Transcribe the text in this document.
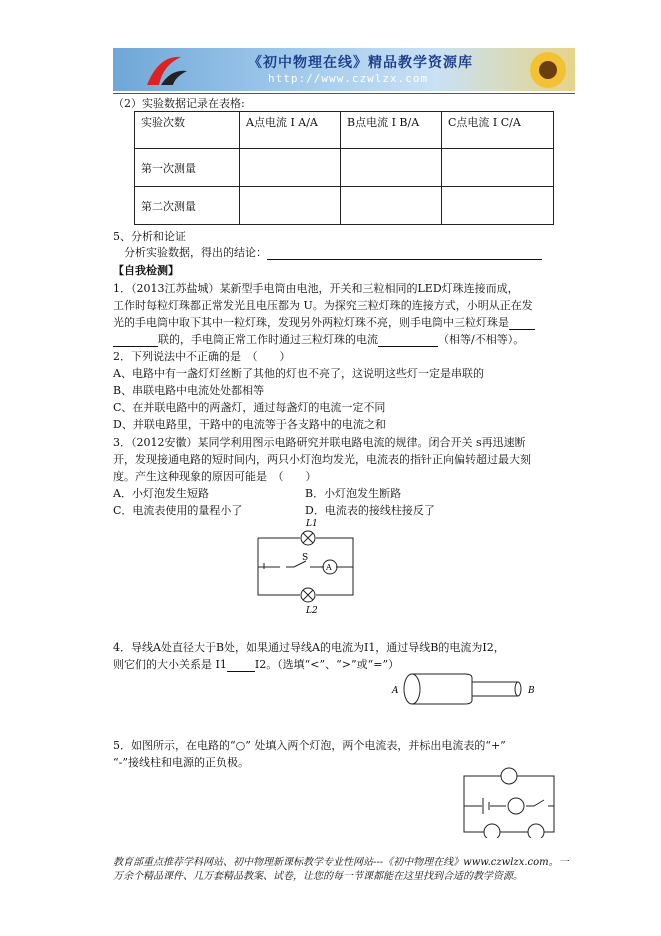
《初中物理在线》精品教学资源库
http://www.czwlzx.com
（2）实验数据记录在表格:
实验次数	A点电流 I A/A	B点电流 I B/A	C点电流 I C/A
第一次测量			
第二次测量			
5、分析和论证
分析实验数据，得出的结论：
【自我检测】
1．（2013江苏盐城）某新型手电筒由电池，开关和三粒相同的LED灯珠连接而成，
工作时每粒灯珠都正常发光且电压都为 U。为探究三粒灯珠的连接方式，小明从正在发
光的手电筒中取下其中一粒灯珠，发现另外两粒灯珠不亮，则手电筒中三粒灯珠是
联的，手电筒正常工作时通过三粒灯珠的电流	（相等/不相等）。
2．下列说法中不正确的是　（　　）
A、电路中有一盏灯灯丝断了其他的灯也不亮了，这说明这些灯一定是串联的
B、串联电路中电流处处都相等
C、在并联电路中的两盏灯，通过每盏灯的电流一定不同
D、并联电路里，干路中的电流等于各支路中的电流之和
3．（2012安徽）某同学利用图示电路研究并联电路电流的规律。闭合开关 s再迅速断
开，发现接通电路的短时间内，两只小灯泡均发光，电流表的指针正向偏转超过最大刻
度。产生这种现象的原因可能是　（　　）
A．小灯泡发生短路	B．小灯泡发生断路
C．电流表使用的量程小了	D．电流表的接线柱接反了
L1
S
A
L2
4．导线A处直径大于B处，如果通过导线A的电流为I1，通过导线B的电流为I2，
则它们的大小关系是 I1	I2。（选填“<”、“>”或“=”）
A	B
5．如图所示，在电路的“○” 处填入两个灯泡，两个电流表，并标出电流表的“+”
“-”接线柱和电源的正负极。
教育部重点推荐学科网站、初中物理新课标教学专业性网站---《初中物理在线》www.czwlzx.com。一
万余个精品课件、几万套精品教案、试卷，让您的每一节课都能在这里找到合适的教学资源。
